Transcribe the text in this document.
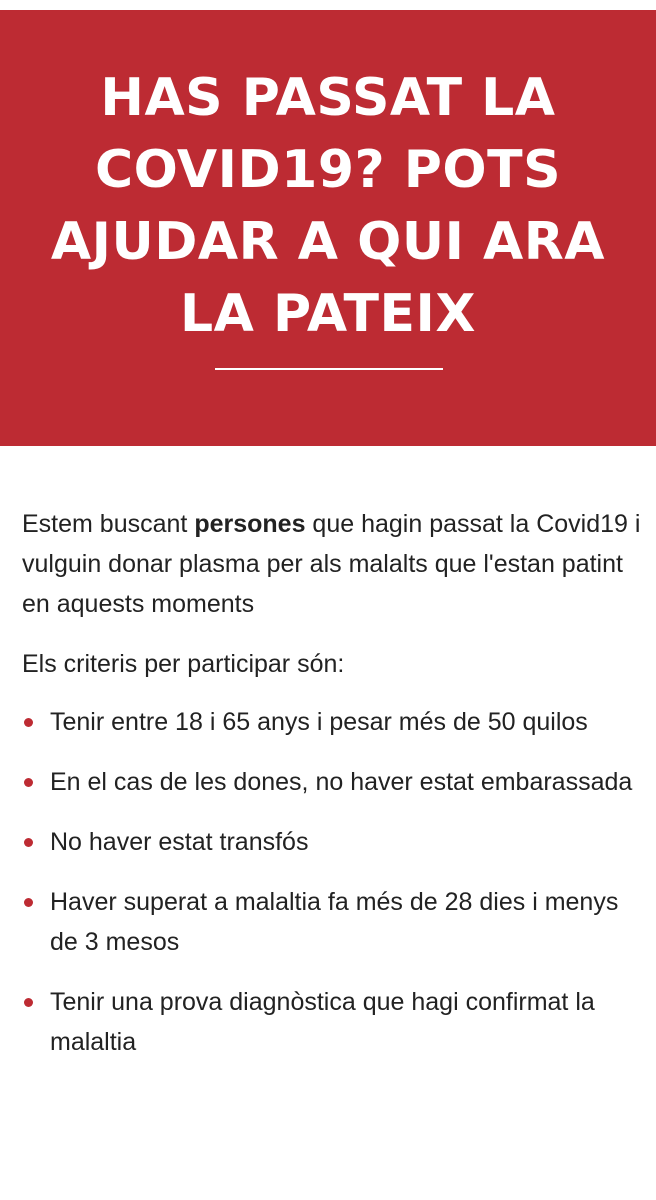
HAS PASSAT LA
COVID19? POTS
AJUDAR A QUI ARA
LA PATEIX

Estem buscant persones que hagin passat la Covid19 i vulguin donar plasma per als malalts que l'estan patint en aquests moments

Els criteris per participar són:

Tenir entre 18 i 65 anys i pesar més de 50 quilos
En el cas de les dones, no haver estat embarassada
No haver estat transfós
Haver superat a malaltia fa més de 28 dies i menys de 3 mesos
Tenir una prova diagnòstica que hagi confirmat la malaltia
